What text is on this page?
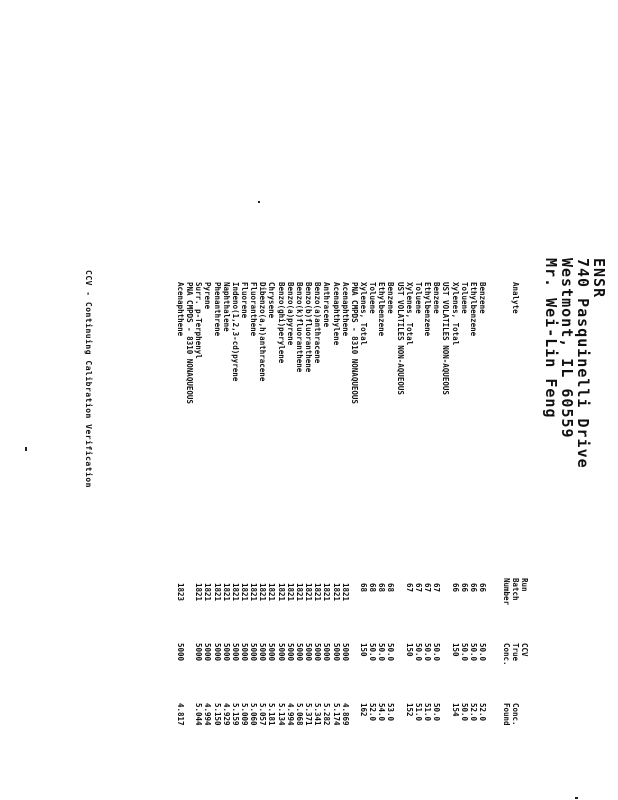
ENSR
740 Pasquinelli Drive
Westmont, IL 60559
Mr. Wei-Lin Feng
Analyte
Run
Batch
Number
CCV
True
Conc.
Conc.
Found
Benzene
66
50.0
52.0
Ethylbenzene
66
50.0
52.0
Toluene
66
50.0
50.0
Xylenes, Total
66
150
154
UST VOLATILES NON-AQUEOUS
Benzene
67
50.0
50.0
Ethylbenzene
67
50.0
51.0
Toluene
67
50.0
51.0
Xylenes, Total
67
150
152
UST VOLATILES NON-AQUEOUS
Benzene
68
50.0
53.0
Ethylbenzene
68
50.0
54.0
Toluene
68
50.0
52.0
Xylenes, Total
68
150
162
PNA CMPDS - 8310 NONAQUEOUS
Acenaphthene
1821
5000
4.869
Acenaphthylene
1821
5000
5.174
Anthracene
1821
5000
5.282
Benzo(a)anthracene
1821
5000
5.341
Benzo(b)fluoranthene
1821
5000
5.371
Benzo(k)fluoranthene
1821
5000
5.068
Benzo(a)pyrene
1821
5000
4.994
Benzo(ghi)perylene
1821
5000
5.134
Chrysene
1821
5000
5.181
Dibenzo(a,h)anthracene
1821
5000
5.057
Fluoranthene
1821
5000
5.060
Fluorene
1821
5000
5.009
Indeno(1,2,3-cd)pyrene
1821
5000
5.159
Naphthalene
1821
5000
4.929
Phenanthrene
1821
5000
5.150
Pyrene
1821
5000
4.994
Surr. p-Terphenyl
1821
5000
5.044
PNA CMPDS - 8310 NONAQUEOUS
Acenaphthene
1823
5000
4.817
CCV - Continuing Calibration Verification
